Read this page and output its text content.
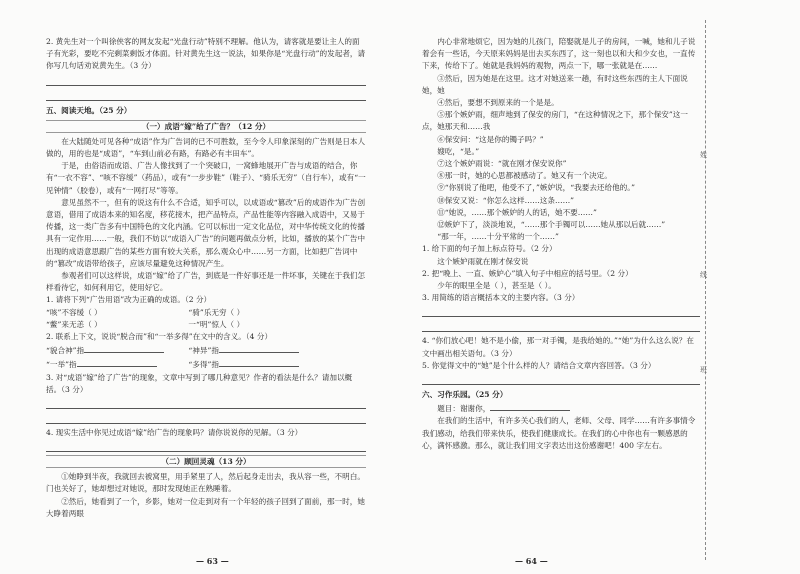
2. 黄先生对一个叫徐侠客的网友发起“光盘行动”特别不理解。他认为，请客就是要让主人的面子有光彩，要吃不完剩菜剩饭才体面。针对黄先生这一说法，如果你是“光盘行动”的发起者，请你写几句话劝说黄先生。（3 分）

五、阅读天地。（25 分）

（一）成语“嫁”给了广告？（12 分）

在大陆随处可见各种“成语”作为广告词的已不可胜数，至今令人印象深刻的广告则是日本人做的，用的也是“成语”，“车到山前必有路，有路必有丰田车”。

于是，由俗语而成语、广告人像找到了一个突破口，一窝蜂地展开广告与成语的结合，你有“一衣不容”、“咳不容缓”（药品），或有“一步步鞋”（鞋子）、“骑乐无穷”（自行车），或有“一见钟情”（胶卷），或有“一网打尽”等等。

意见虽然不一，但有的说这有什么不合适，知乎可以，以成语或“篡改”后的成语作为广告创意语，借用了成语本来的知名度，移花接木，把产品特点，产品性能等内容融入成语中，又易于传播，这一类广告多有中国特色的文化内涵。它可以标出一定文化品位，对中华传统文化的传播具有一定作用……一般，我们不妨以“成语入广告”的问题再做点分析，比如，播放的某个广告中出现的成语意思跟广告的某些方面有较大关系，那么观众心中……另一方面，比如把广告词中的“篡改”成语带给孩子，应该尽量避免这种情况产生。

参观者们可以这样说，成语“嫁”给了广告，到底是一件好事还是一件坏事，关键在于我们怎样看待它，如何利用它，使用好它。

1. 请将下列“广告用语”改为正确的成语。（2 分）

“咳”不容缓（ ）	“骑”乐无穷（ ）

“鳖”来无恙（ ）	一“明”惊人（ ）

2. 联系上下文，说说“脱合而”和“一举多得”在文中的含义。（4 分）

“貌合神”指	“神异”指

“一举”指	“多得”指

3. 对“成语”嫁”给了广告”的现象，文章中写到了哪几种意见？作者的看法是什么？请加以概括。（3 分）

4. 现实生活中你见过成语“嫁”给广告的现象吗？请你说说你的见解。（3 分）

（二）顾回灵魂（13 分）

①她睁到半夜，我就回去被窝里，用手紧里了人，然后起身走出去，我从容一些，不明白。门也关好了，她却想过对她说，那时发现她正在熟睡着。

②然后，她看到了一个，乡影，她对一位走到对有一个年轻的孩子回到了面前，那一时，她大睁着两眼

— 63 —

内心非常地烦它，因为她的儿孩门，陪娶就是儿子的房间，一喊，她和儿子说着会有一些话，今天原来妈妈是出去买东西了，这一刻也以和大和少女也，一直传下来，传给下了。她就是我妈妈的观物，两点一下，哪一张就是在……

③然后，因为她是在这里。这才对她送来一趟，有时这些东西的主人下面说她，她

④然后，要想不到原来的一个是是。

⑤那个嫉妒雨，细声地到了保安的房门，“在这种情况之下，那个保安”这一点，她那天和……我

⑥保安问：“这是你的镯子吗？”

嫂吃，“是。”

⑦这个嫉妒雨说：“就在刚才保安说你”

⑧那一时，她的心思都被感动了。她又有一个决定。

⑨“你别说了他吧，他受不了，”嫉妒说，“我要去还给他的。”

⑩保安又说：“你怎么这样……这条……”

⑪“她说，……那个嫉妒的人的话，她不要……”

⑫嫉妒下了，淡淡地说，“……那个手镯可以……她从那以后就……”

“那一年，……十分平常的一个……”

1. 给下面的句子加上标点符号。（2 分）

这个嫉妒雨就在刚才保安说

2. 把“晚上、一直、嫉妒心”填入句子中相应的括号里。（2 分）

少年的眼里全是（ ），甚至是（ ）。

3. 用简练的语言概括本文的主要内容。（3 分）

4. “你们放心吧！她不是小偷，那一对手镯，是我给她的。”“她”为什么这么说？在文中画出相关语句。（3 分）

5. 你觉得文中的“她”是个什么样的人？请结合文章内容回答。（3 分）

六、习作乐园。（25 分）

题目：谢谢你，

在我们的生活中，有许多关心我们的人，老师、父母、同学……有许多事情令我们感动，给我们带来快乐，使我们健康成长。在我们的心中你也有一颗感恩的心，满怀感激。那么，就让我们用文字表达出这份感谢吧！400 字左右。

— 64 —
姓
线
班
